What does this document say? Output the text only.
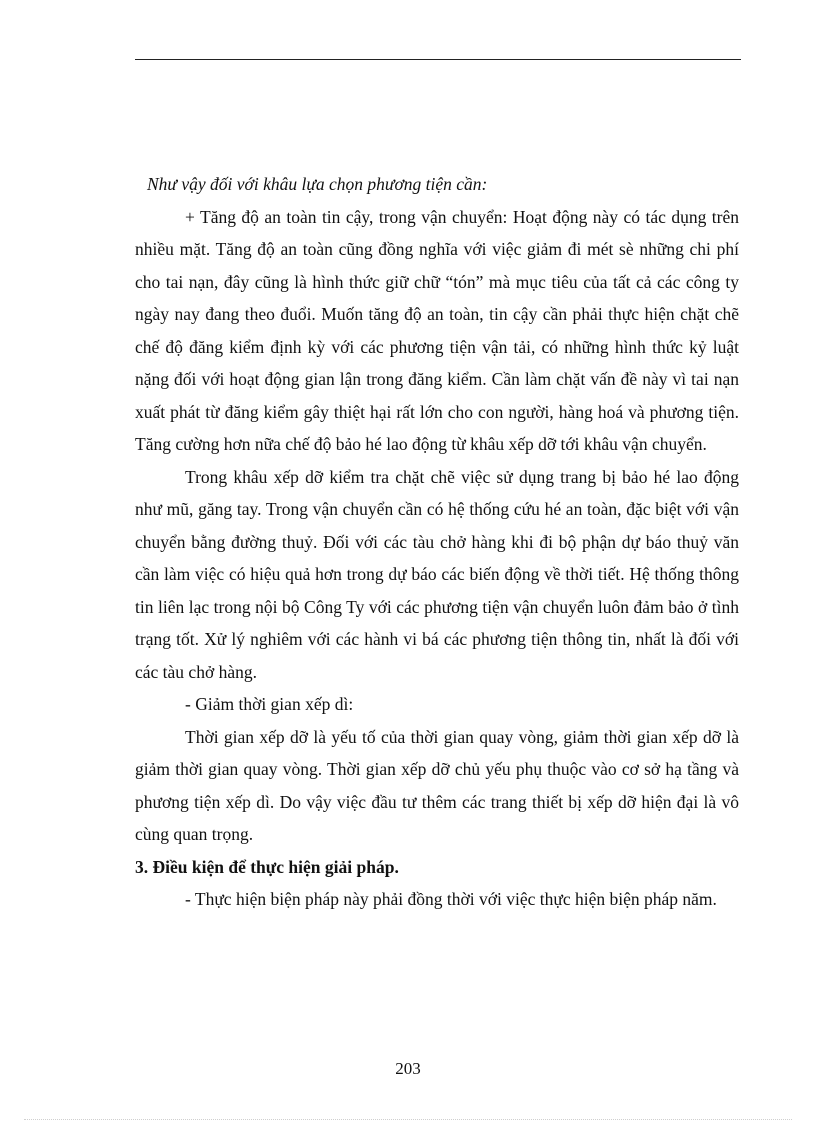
Như vậy đối với khâu lựa chọn phương tiện cần:

+ Tăng độ an toàn tin cậy, trong vận chuyển: Hoạt động này có tác dụng trên nhiều mặt. Tăng độ an toàn cũng đồng nghĩa với việc giảm đi mét sè những chi phí cho tai nạn, đây cũng là hình thức giữ chữ “tón” mà mục tiêu của tất cả các công ty ngày nay đang theo đuổi. Muốn tăng độ an toàn, tin cậy cần phải thực hiện chặt chẽ chế độ đăng kiểm định kỳ với các phương tiện vận tải, có những hình thức kỷ luật nặng đối với hoạt động gian lận trong đăng kiểm. Cần làm chặt vấn đề này vì tai nạn xuất phát từ đăng kiểm gây thiệt hại rất lớn cho con người, hàng hoá và phương tiện. Tăng cường hơn nữa chế độ bảo hé lao động từ khâu xếp dỡ tới khâu vận chuyển.

Trong khâu xếp dỡ kiểm tra chặt chẽ việc sử dụng trang bị bảo hé lao động như mũ, găng tay. Trong vận chuyển cần có hệ thống cứu hé an toàn, đặc biệt với vận chuyển bằng đường thuỷ. Đối với các tàu chở hàng khi đi bộ phận dự báo thuỷ văn cần làm việc có hiệu quả hơn trong dự báo các biến động về thời tiết. Hệ thống thông tin liên lạc trong nội bộ Công Ty với các phương tiện vận chuyển luôn đảm bảo ở tình trạng tốt. Xử lý nghiêm với các hành vi bá các phương tiện thông tin, nhất là đối với các tàu chở hàng.

- Giảm thời gian xếp dì:

Thời gian xếp dỡ là yếu tố của thời gian quay vòng, giảm thời gian xếp dỡ là giảm thời gian quay vòng. Thời gian xếp dỡ chủ yếu phụ thuộc vào cơ sở hạ tầng và phương tiện xếp dì. Do vậy việc đầu tư thêm các trang thiết bị xếp dỡ hiện đại là vô cùng quan trọng.

3. Điều kiện để thực hiện giải pháp.

- Thực hiện biện pháp này phải đồng thời với việc thực hiện biện pháp năm.

203
